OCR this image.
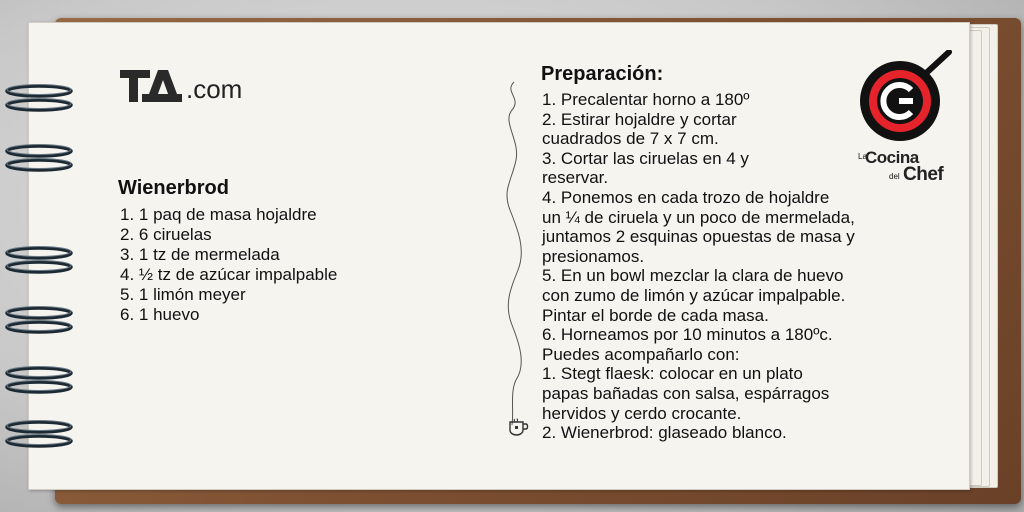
.com
Wienerbrod
1. 1 paq de masa hojaldre
2. 6 ciruelas
3. 1 tz de mermelada
4. ½ tz de azúcar impalpable
5. 1 limón meyer
6. 1 huevo
Preparación:
1. Precalentar horno a 180º
2. Estirar hojaldre y cortar
cuadrados de 7 x 7 cm.
3. Cortar las ciruelas en 4 y
reservar.
4. Ponemos en cada trozo de hojaldre
un ¼ de ciruela y un poco de mermelada,
juntamos 2 esquinas opuestas de masa y
presionamos.
5. En un bowl mezclar la clara de huevo
con zumo de limón y azúcar impalpable.
Pintar el borde de cada masa.
6. Horneamos por 10 minutos a 180ºc.
Puedes acompañarlo con:
1. Stegt flaesk: colocar en un plato
papas bañadas con salsa, espárragos
hervidos y cerdo crocante.
2. Wienerbrod: glaseado blanco.
La
Cocina
del Chef
